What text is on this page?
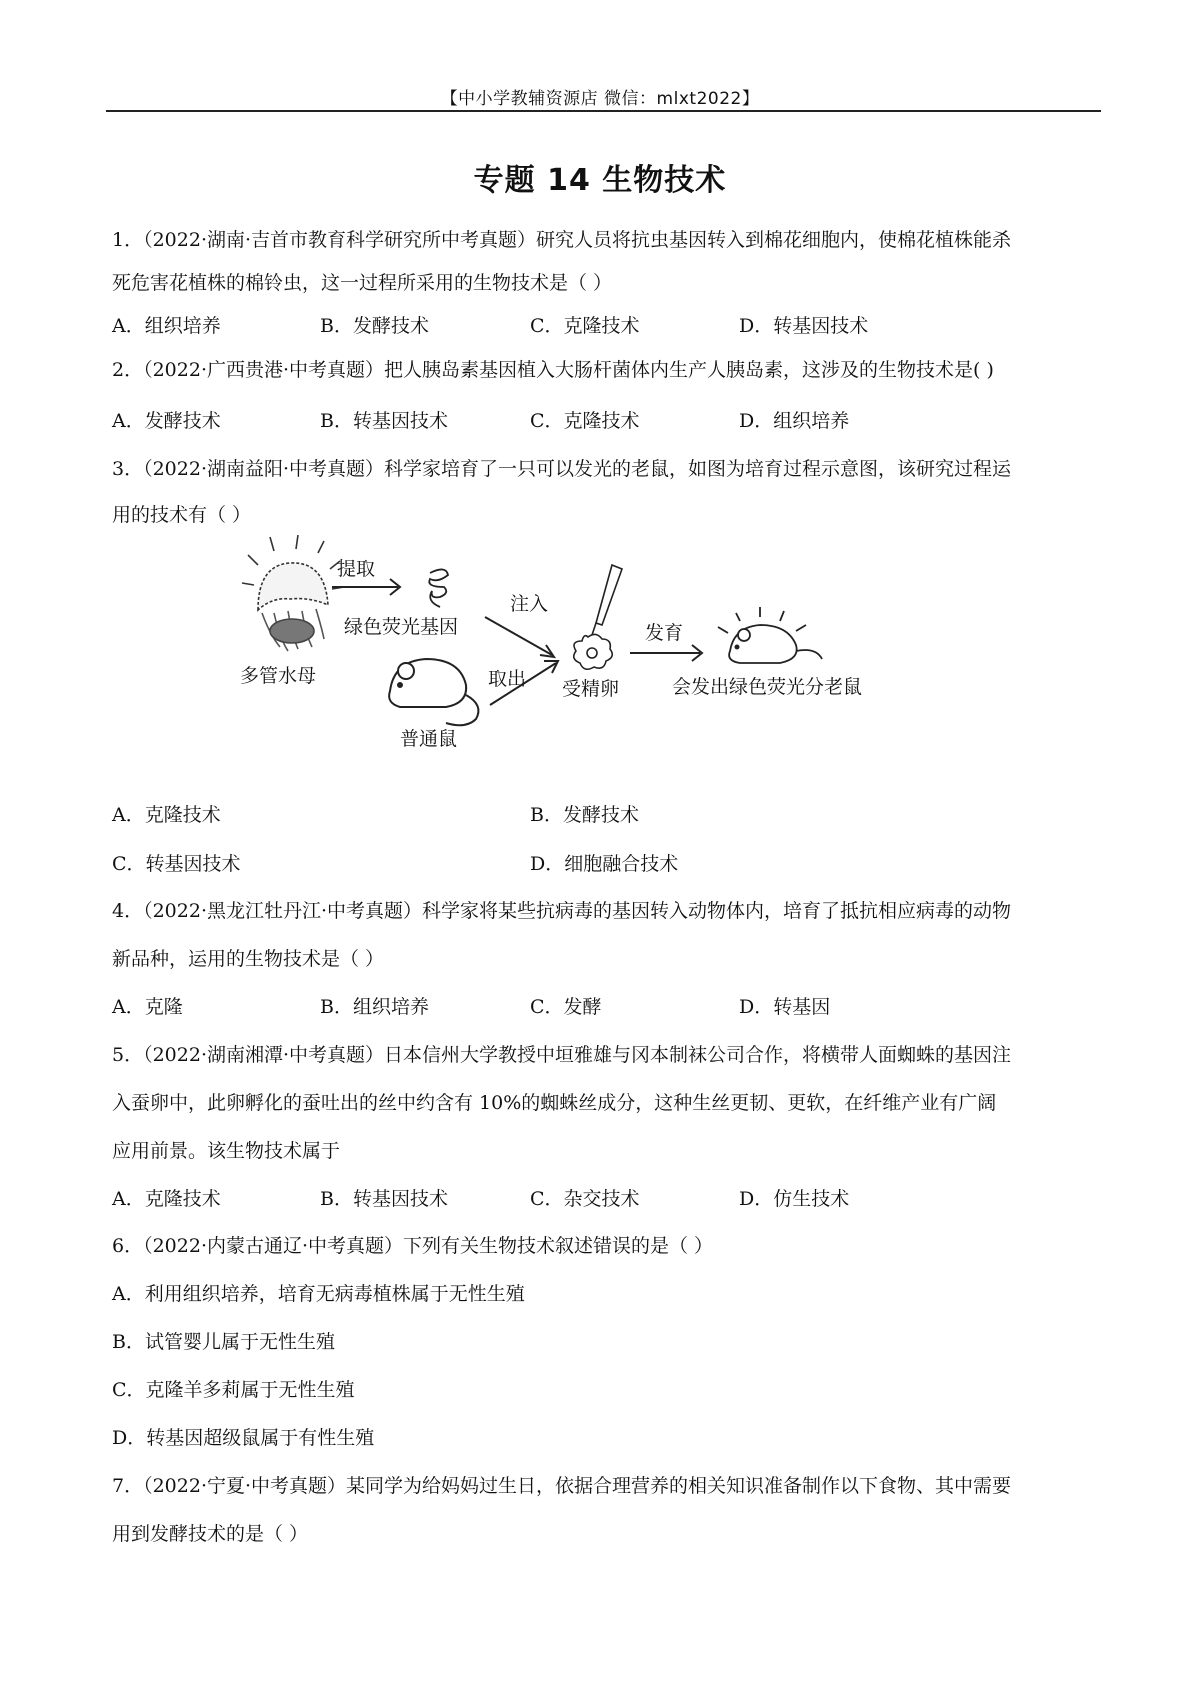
【中小学教辅资源店 微信：mlxt2022】
专题 14 生物技术
1．（2022·湖南·吉首市教育科学研究所中考真题）研究人员将抗虫基因转入到棉花细胞内，使棉花植株能杀
死危害花植株的棉铃虫，这一过程所采用的生物技术是（ ）
A．组织培养	B．发酵技术	C．克隆技术	D．转基因技术
2．（2022·广西贵港·中考真题）把人胰岛素基因植入大肠杆菌体内生产人胰岛素，这涉及的生物技术是( )
A．发酵技术	B．转基因技术	C．克隆技术	D．组织培养
3．（2022·湖南益阳·中考真题）科学家培育了一只可以发光的老鼠，如图为培育过程示意图，该研究过程运
用的技术有（ ）
多管水母
提取
绿色荧光基因
注入
受精卵
发育
会发出绿色荧光分老鼠
普通鼠
取出
A．克隆技术	B．发酵技术
C．转基因技术	D．细胞融合技术
4．（2022·黑龙江牡丹江·中考真题）科学家将某些抗病毒的基因转入动物体内，培育了抵抗相应病毒的动物
新品种，运用的生物技术是（ ）
A．克隆	B．组织培养	C．发酵	D．转基因
5．（2022·湖南湘潭·中考真题）日本信州大学教授中垣雅雄与冈本制袜公司合作，将横带人面蜘蛛的基因注
入蚕卵中，此卵孵化的蚕吐出的丝中约含有 10%的蜘蛛丝成分，这种生丝更韧、更软，在纤维产业有广阔
应用前景。该生物技术属于
A．克隆技术	B．转基因技术	C．杂交技术	D．仿生技术
6．（2022·内蒙古通辽·中考真题）下列有关生物技术叙述错误的是（ ）
A．利用组织培养，培育无病毒植株属于无性生殖
B．试管婴儿属于无性生殖
C．克隆羊多莉属于无性生殖
D．转基因超级鼠属于有性生殖
7．（2022·宁夏·中考真题）某同学为给妈妈过生日，依据合理营养的相关知识准备制作以下食物、其中需要
用到发酵技术的是（ ）
